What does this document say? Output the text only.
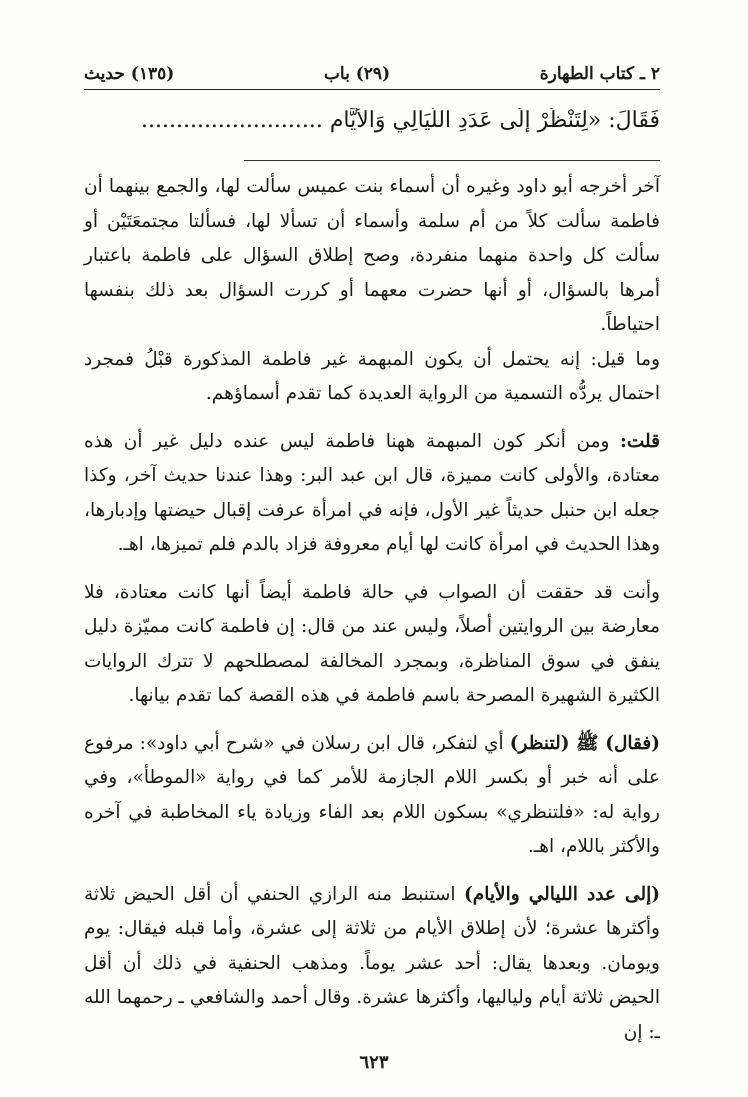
٢ ـ كتاب الطهارة
(٢٩) باب
(١٣٥) حديث
فَقَالَ: «لِتَنْظُرْ إِلَى عَدَدِ اللَّيَالِي وَالأَيَّامِ ..........................

آخر أخرجه أبو داود وغيره أن أسماء بنت عميس سألت لها، والجمع بينهما أن فاطمة سألت كلاً من أم سلمة وأسماء أن تسألا لها، فسألتا مجتمعَتَيْن أو سألت كل واحدة منهما منفردة، وصح إطلاق السؤال على فاطمة باعتبار أمرها بالسؤال، أو أنها حضرت معهما أو كررت السؤال بعد ذلك بنفسها احتياطاً.

وما قيل: إنه يحتمل أن يكون المبهمة غير فاطمة المذكورة قبْلُ فمجرد احتمال يردُّه التسمية من الرواية العديدة كما تقدم أسماؤهم.

قلت: ومن أنكر كون المبهمة ههنا فاطمة ليس عنده دليل غير أن هذه معتادة، والأولى كانت مميزة، قال ابن عبد البر: وهذا عندنا حديث آخر، وكذا جعله ابن حنبل حديثاً غير الأول، فإنه في امرأة عرفت إقبال حيضتها وإدبارها، وهذا الحديث في امرأة كانت لها أيام معروفة فزاد بالدم فلم تميزها، اهـ.

وأنت قد حققت أن الصواب في حالة فاطمة أيضاً أنها كانت معتادة، فلا معارضة بين الروايتين أصلاً، وليس عند من قال: إن فاطمة كانت مميّزة دليل ينفق في سوق المناظرة، وبمجرد المخالفة لمصطلحهم لا تترك الروايات الكثيرة الشهيرة المصرحة باسم فاطمة في هذه القصة كما تقدم بيانها.

(فقال) ﷺ (لتنظر) أي لتفكر، قال ابن رسلان في «شرح أبي داود»: مرفوع على أنه خبر أو بكسر اللام الجازمة للأمر كما في رواية «الموطأ»، وفي رواية له: «فلتنظري» بسكون اللام بعد الفاء وزيادة ياء المخاطبة في آخره والأكثر باللام، اهـ.

(إلى عدد الليالي والأيام) استنبط منه الرازي الحنفي أن أقل الحيض ثلاثة وأكثرها عشرة؛ لأن إطلاق الأيام من ثلاثة إلى عشرة، وأما قبله فيقال: يوم ويومان. وبعدها يقال: أحد عشر يوماً. ومذهب الحنفية في ذلك أن أقل الحيض ثلاثة أيام ولياليها، وأكثرها عشرة. وقال أحمد والشافعي ـ رحمهما الله ـ: إن

٦٢٣
